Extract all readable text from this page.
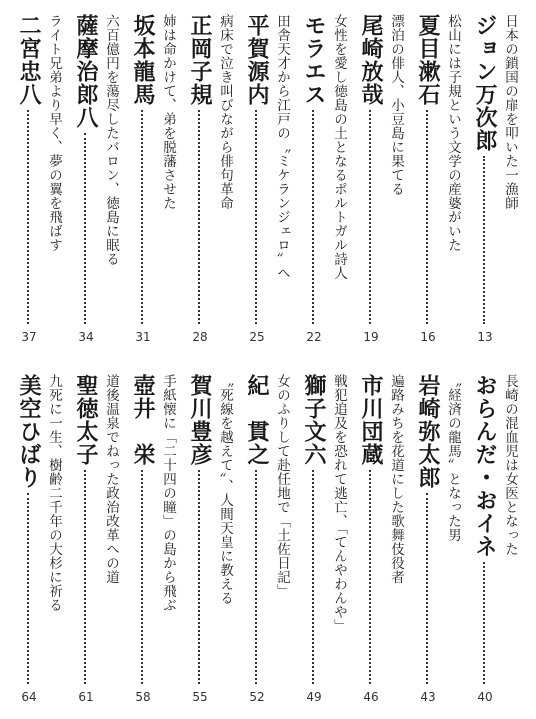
日本の鎖国の扉を叩いた一漁師
ジョン万次郎
13
松山には子規という文学の産婆がいた
夏目漱石
16
漂泊の俳人、小豆島に果てる
尾崎放哉
19
女性を愛し徳島の土となるポルトガル詩人
モラエス
22
田舎天才から江戸の〝ミケランジェロ〟へ
平賀源内
25
病床で泣き叫びながら俳句革命
正岡子規
28
姉は命かけて、弟を脱藩させた
坂本龍馬
31
六百億円を蕩尽したバロン、徳島に眠る
薩摩治郎八
34
ライト兄弟より早く、夢の翼を飛ばす
二宮忠八
37
長崎の混血児は女医となった
おらんだ・おイネ
40
〝経済の龍馬〟となった男
岩崎弥太郎
43
遍路みちを花道にした歌舞伎役者
市川団蔵
46
戦犯追及を恐れて逃亡、「てんやわんや」
獅子文六
49
女のふりして赴任地で「土佐日記」
紀　貫之
52
〝死線を越えて〟、人間天皇に教える
賀川豊彦
55
手紙懐に「二十四の瞳」の島から飛ぶ
壺井　栄
58
道後温泉でねった政治改革への道
聖徳太子
61
九死に一生、樹齢二千年の大杉に祈る
美空ひばり
64
